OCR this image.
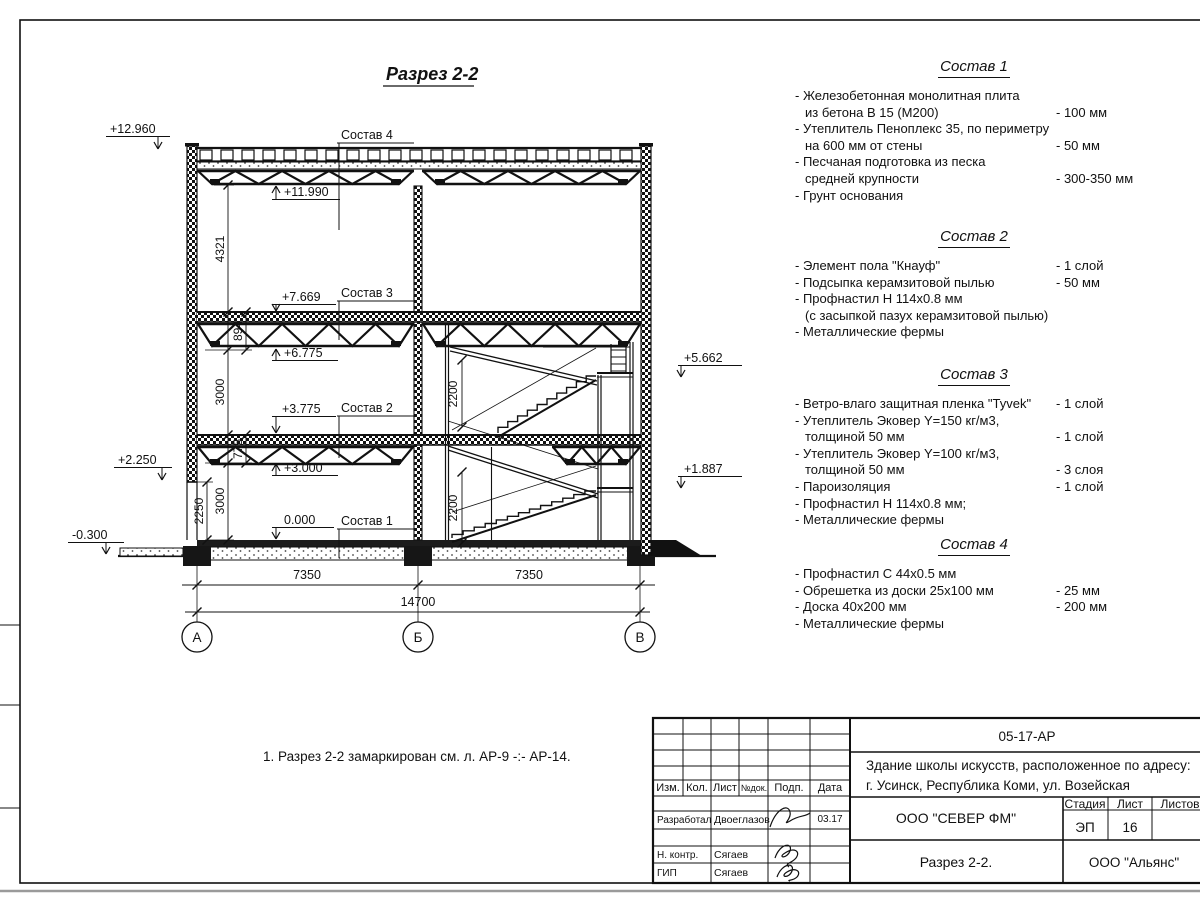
4321
3000
3000
894
775
2250
2200
2200
7350	7350
14700
А	Б	В
+12.960
+11.990
+7.669
+6.775
+3.775
+3.000
0.000
+2.250
-0.300
+5.662
+1.887
Состав 4
Состав 3
Состав 2
Состав 1
Разрез 2-2
05-17-АР
Здание школы искусств, расположенное по адресу:
г. Усинск, Республика Коми, ул. Возейская
ООО "СЕВЕР ФМ"
Стадия Лист Листов
ЭП 16
Разрез 2-2.	ООО "Альянс"
Изм. Кол. Лист №док. Подп. Дата
Разработал Двоеглазов
Н. контр. Сягаев
ГИП	Сягаев
03.17
Состав 1
- Железобетонная монолитная плита
из бетона В 15 (М200)	- 100 мм
- Утеплитель Пеноплекс 35, по периметру
на 600 мм от стены	- 50 мм
- Песчаная подготовка из песка
средней крупности	- 300-350 мм
- Грунт основания
Состав 2
- Элемент пола "Кнауф"	- 1 слой
- Подсыпка керамзитовой пылью	- 50 мм
- Профнастил Н 114х0.8 мм
(с засыпкой пазух керамзитовой пылью)
- Металлические фермы
Состав 3
- Ветро-влаго защитная пленка "Tyvek" - 1 слой
- Утеплитель Эковер Y=150 кг/м3,
толщиной 50 мм	- 1 слой
- Утеплитель Эковер Y=100 кг/м3,
толщиной 50 мм	- 3 слоя
- Пароизоляция	- 1 слой
- Профнастил Н 114х0.8 мм;
- Металлические фермы
Состав 4
- Профнастил С 44х0.5 мм
- Обрешетка из доски 25х100 мм	- 25 мм
- Доска 40х200 мм	- 200 мм
- Металлические фермы
1. Разрез 2-2 замаркирован см. л. АР-9 -:- АР-14.
